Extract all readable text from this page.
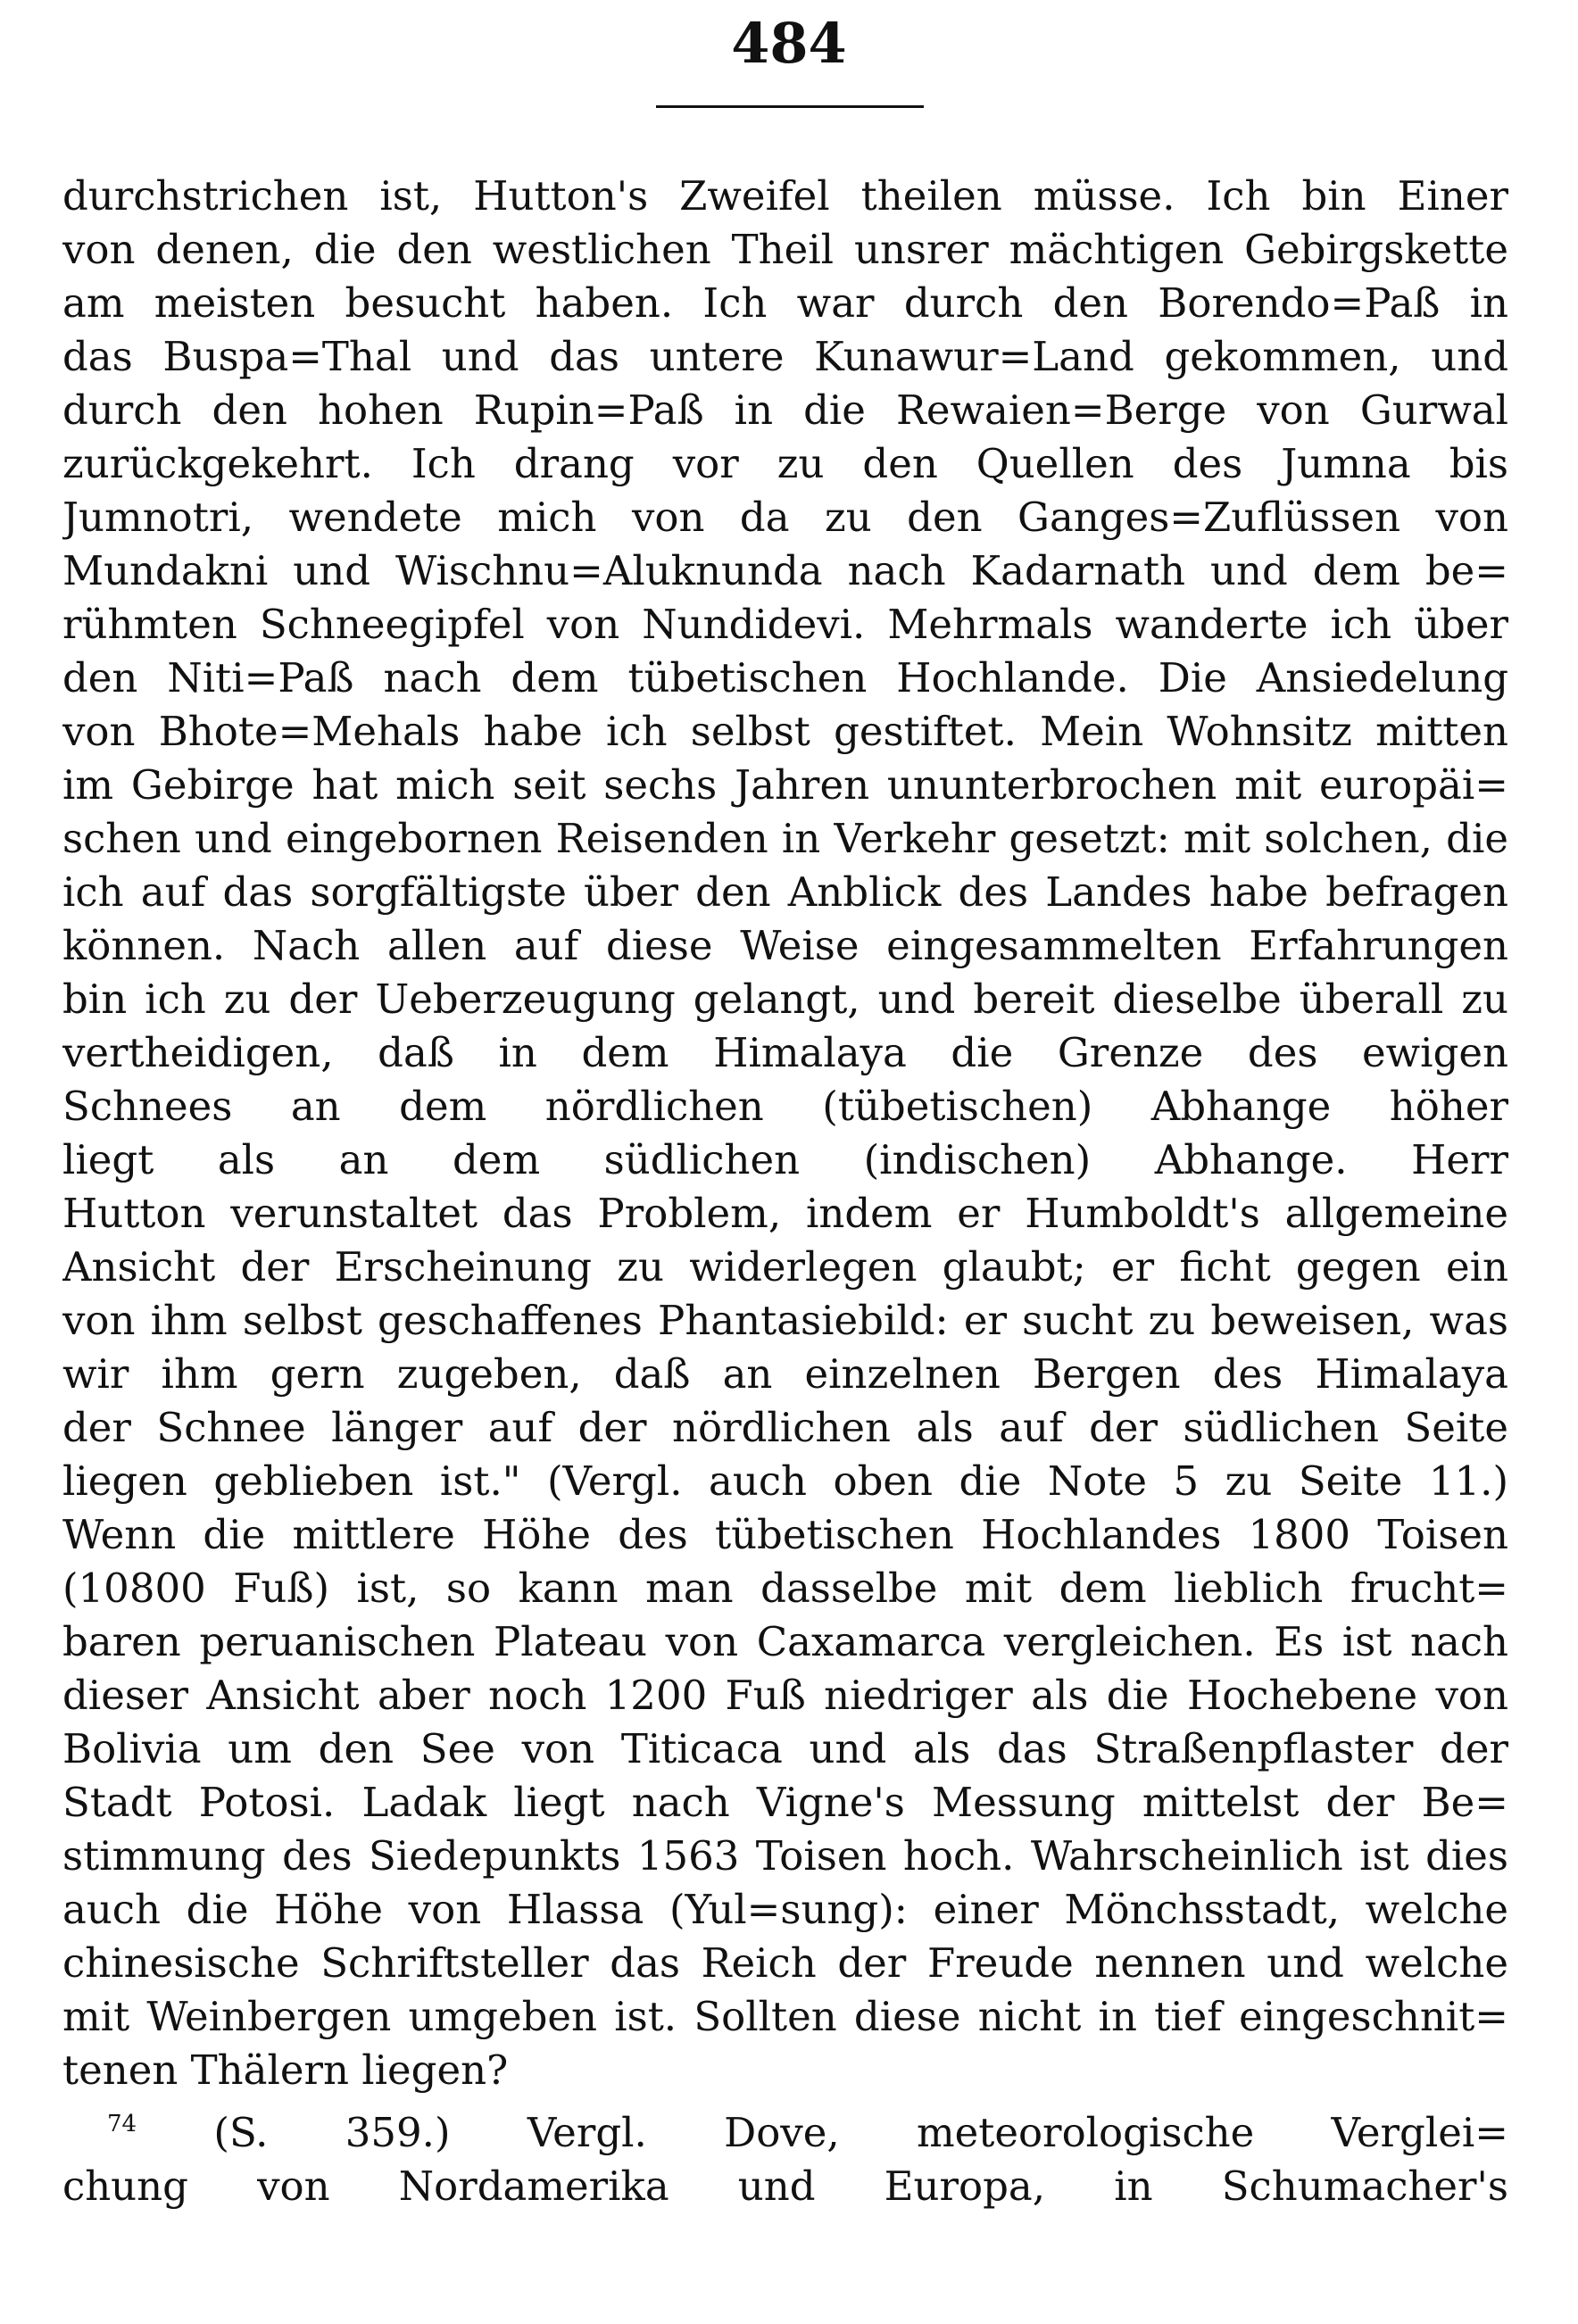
484
durchstrichen ist, Hutton's Zweifel theilen müsse. Ich bin Einer
von denen, die den westlichen Theil unsrer mächtigen Gebirgskette
am meisten besucht haben. Ich war durch den Borendo=Paß in
das Buspa=Thal und das untere Kunawur=Land gekommen, und
durch den hohen Rupin=Paß in die Rewaien=Berge von Gurwal
zurückgekehrt. Ich drang vor zu den Quellen des Jumna bis
Jumnotri, wendete mich von da zu den Ganges=Zuflüssen von
Mundakni und Wischnu=Aluknunda nach Kadarnath und dem be=
rühmten Schneegipfel von Nundidevi. Mehrmals wanderte ich über
den Niti=Paß nach dem tübetischen Hochlande. Die Ansiedelung
von Bhote=Mehals habe ich selbst gestiftet. Mein Wohnsitz mitten
im Gebirge hat mich seit sechs Jahren ununterbrochen mit europäi=
schen und eingebornen Reisenden in Verkehr gesetzt: mit solchen, die
ich auf das sorgfältigste über den Anblick des Landes habe befragen
können. Nach allen auf diese Weise eingesammelten Erfahrungen
bin ich zu der Ueberzeugung gelangt, und bereit dieselbe überall zu
vertheidigen, daß in dem Himalaya die Grenze des ewigen
Schnees an dem nördlichen (tübetischen) Abhange höher
liegt als an dem südlichen (indischen) Abhange. Herr
Hutton verunstaltet das Problem, indem er Humboldt's allgemeine
Ansicht der Erscheinung zu widerlegen glaubt; er ficht gegen ein
von ihm selbst geschaffenes Phantasiebild: er sucht zu beweisen, was
wir ihm gern zugeben, daß an einzelnen Bergen des Himalaya
der Schnee länger auf der nördlichen als auf der südlichen Seite
liegen geblieben ist." (Vergl. auch oben die Note 5 zu Seite 11.)
Wenn die mittlere Höhe des tübetischen Hochlandes 1800 Toisen
(10800 Fuß) ist, so kann man dasselbe mit dem lieblich frucht=
baren peruanischen Plateau von Caxamarca vergleichen. Es ist nach
dieser Ansicht aber noch 1200 Fuß niedriger als die Hochebene von
Bolivia um den See von Titicaca und als das Straßenpflaster der
Stadt Potosi. Ladak liegt nach Vigne's Messung mittelst der Be=
stimmung des Siedepunkts 1563 Toisen hoch. Wahrscheinlich ist dies
auch die Höhe von Hlassa (Yul=sung): einer Mönchsstadt, welche
chinesische Schriftsteller das Reich der Freude nennen und welche
mit Weinbergen umgeben ist. Sollten diese nicht in tief eingeschnit=
tenen Thälern liegen?
$^{74}$ (S. 359.) Vergl. Dove, meteorologische Verglei=
chung von Nordamerika und Europa, in Schumacher's
